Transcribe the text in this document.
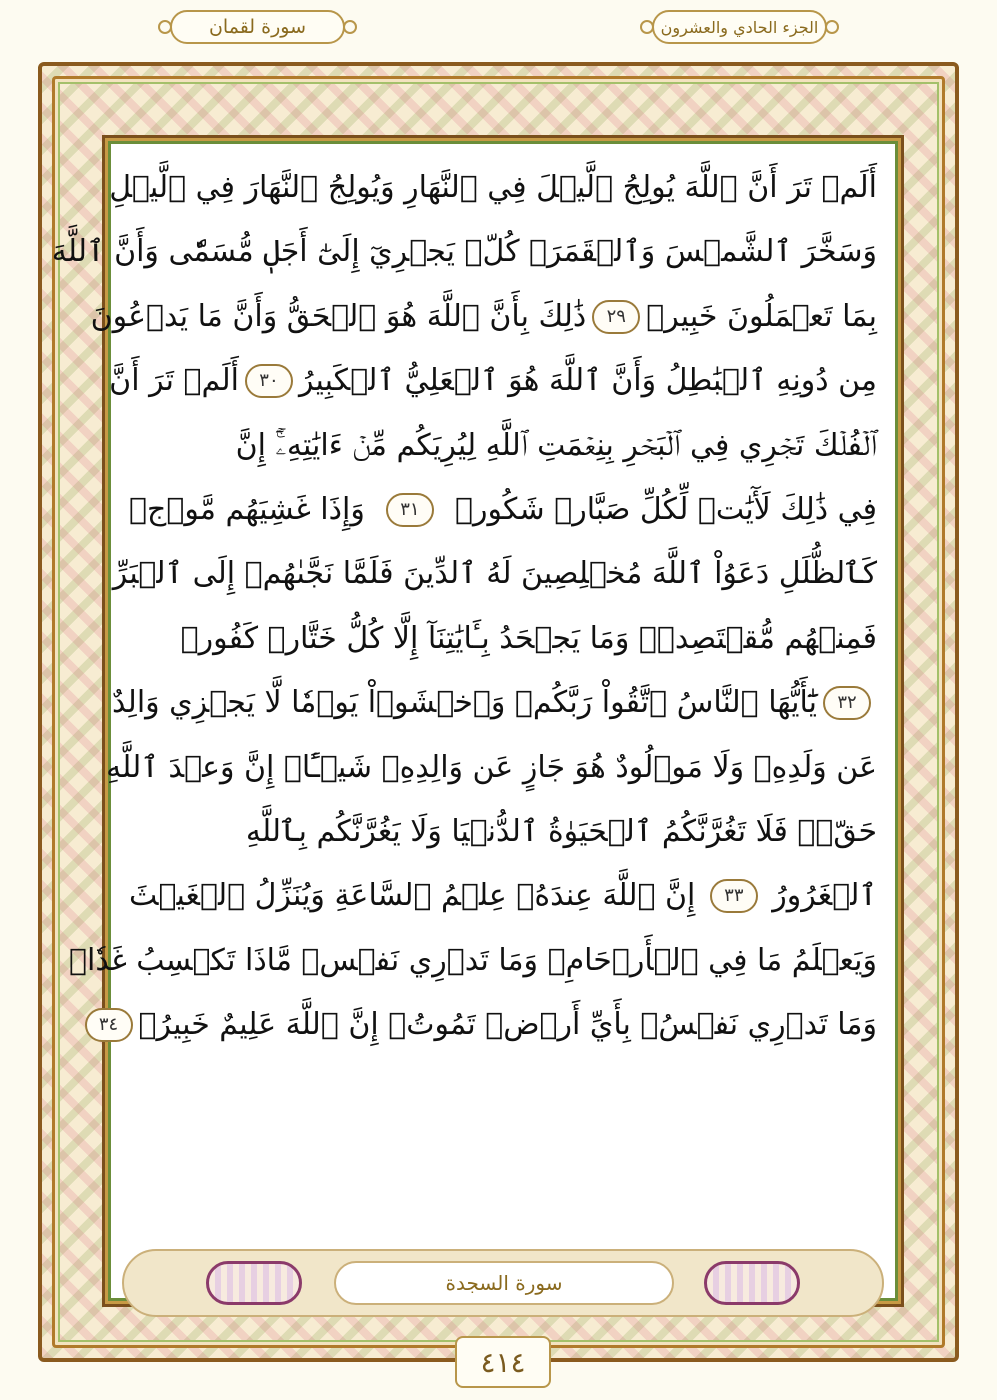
سورة لقمان	الجزء الحادي والعشرون
أَلَمۡ تَرَ أَنَّ ٱللَّهَ يُولِجُ ٱلَّيۡلَ فِي ٱلنَّهَارِ وَيُولِجُ ٱلنَّهَارَ فِي ٱلَّيۡلِ
وَسَخَّرَ ٱلشَّمۡسَ وَٱلۡقَمَرَۖ كُلّٞ يَجۡرِيٓ إِلَىٰٓ أَجَلٖ مُّسَمّٗى وَأَنَّ ٱللَّهَ
بِمَا تَعۡمَلُونَ خَبِيرٞ
٢٩
ذَٰلِكَ بِأَنَّ ٱللَّهَ هُوَ ٱلۡحَقُّ وَأَنَّ مَا يَدۡعُونَ
مِن دُونِهِ ٱلۡبَٰطِلُ وَأَنَّ ٱللَّهَ هُوَ ٱلۡعَلِيُّ ٱلۡكَبِيرُ
٣٠
أَلَمۡ تَرَ أَنَّ
ٱلۡفُلۡكَ تَجۡرِي فِي ٱلۡبَحۡرِ بِنِعۡمَتِ ٱللَّهِ لِيُرِيَكُم مِّنۡ ءَايَٰتِهِۦٓۚ إِنَّ
فِي ذَٰلِكَ لَأٓيَٰتٖ لِّكُلِّ صَبَّارٖ شَكُورٖ
٣١
وَإِذَا غَشِيَهُم مَّوۡجٞ
كَٱلظُّلَلِ دَعَوُاْ ٱللَّهَ مُخۡلِصِينَ لَهُ ٱلدِّينَ فَلَمَّا نَجَّىٰهُمۡ إِلَى ٱلۡبَرِّ
فَمِنۡهُم مُّقۡتَصِدٞۚ وَمَا يَجۡحَدُ بِـَٔايَٰتِنَآ إِلَّا كُلُّ خَتَّارٖ كَفُورٖ
٣٢
يَٰٓأَيُّهَا ٱلنَّاسُ ٱتَّقُواْ رَبَّكُمۡ وَٱخۡشَوۡاْ يَوۡمٗا لَّا يَجۡزِي وَالِدٌ
عَن وَلَدِهِۦ وَلَا مَوۡلُودٌ هُوَ جَازٍ عَن وَالِدِهِۦ شَيۡـًٔاۚ إِنَّ وَعۡدَ ٱللَّهِ
حَقّٞۖ فَلَا تَغُرَّنَّكُمُ ٱلۡحَيَوٰةُ ٱلدُّنۡيَا وَلَا يَغُرَّنَّكُم بِٱللَّهِ
ٱلۡغَرُورُ
٣٣
إِنَّ ٱللَّهَ عِندَهُۥ عِلۡمُ ٱلسَّاعَةِ وَيُنَزِّلُ ٱلۡغَيۡثَ
وَيَعۡلَمُ مَا فِي ٱلۡأَرۡحَامِۖ وَمَا تَدۡرِي نَفۡسٞ مَّاذَا تَكۡسِبُ غَدٗاۖ
وَمَا تَدۡرِي نَفۡسُۢ بِأَيِّ أَرۡضٖ تَمُوتُۚ إِنَّ ٱللَّهَ عَلِيمٌ خَبِيرُۢ
٣٤
سورة السجدة
٤١٤
